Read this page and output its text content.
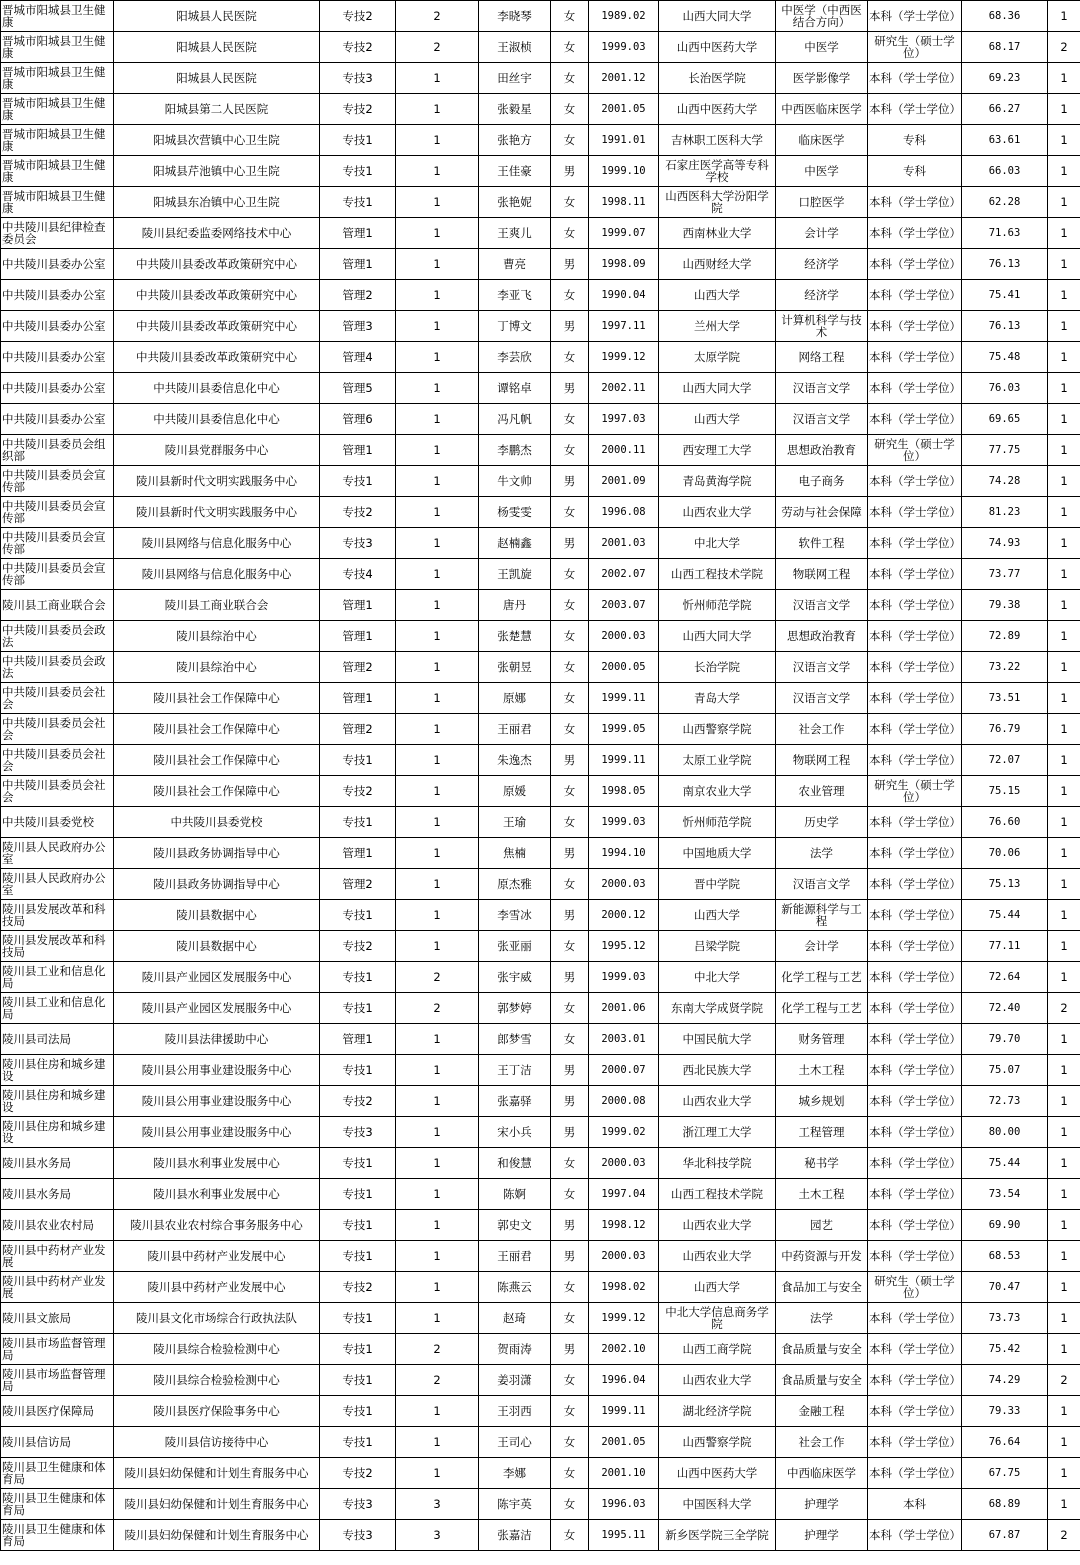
晋城市阳城县卫生健康	阳城县人民医院	专技2	2	李晓琴	女	1989.02	山西大同大学	中医学（中西医结合方向）	本科（学士学位）	68.36	1
晋城市阳城县卫生健康	阳城县人民医院	专技2	2	王淑桢	女	1999.03	山西中医药大学	中医学	研究生（硕士学位）	68.17	2
晋城市阳城县卫生健康	阳城县人民医院	专技3	1	田丝宇	女	2001.12	长治医学院	医学影像学	本科（学士学位）	69.23	1
晋城市阳城县卫生健康	阳城县第二人民医院	专技2	1	张毅星	女	2001.05	山西中医药大学	中西医临床医学	本科（学士学位）	66.27	1
晋城市阳城县卫生健康	阳城县次营镇中心卫生院	专技1	1	张艳方	女	1991.01	吉林职工医科大学	临床医学	专科	63.61	1
晋城市阳城县卫生健康	阳城县芹池镇中心卫生院	专技1	1	王佳豪	男	1999.10	石家庄医学高等专科学校	中医学	专科	66.03	1
晋城市阳城县卫生健康	阳城县东冶镇中心卫生院	专技1	1	张艳妮	女	1998.11	山西医科大学汾阳学院	口腔医学	本科（学士学位）	62.28	1
中共陵川县纪律检查委员会	陵川县纪委监委网络技术中心	管理1	1	王爽儿	女	1999.07	西南林业大学	会计学	本科（学士学位）	71.63	1
中共陵川县委办公室	中共陵川县委改革政策研究中心	管理1	1	曹亮	男	1998.09	山西财经大学	经济学	本科（学士学位）	76.13	1
中共陵川县委办公室	中共陵川县委改革政策研究中心	管理2	1	李亚飞	女	1990.04	山西大学	经济学	本科（学士学位）	75.41	1
中共陵川县委办公室	中共陵川县委改革政策研究中心	管理3	1	丁博文	男	1997.11	兰州大学	计算机科学与技术	本科（学士学位）	76.13	1
中共陵川县委办公室	中共陵川县委改革政策研究中心	管理4	1	李芸欣	女	1999.12	太原学院	网络工程	本科（学士学位）	75.48	1
中共陵川县委办公室	中共陵川县委信息化中心	管理5	1	谭铭卓	男	2002.11	山西大同大学	汉语言文学	本科（学士学位）	76.03	1
中共陵川县委办公室	中共陵川县委信息化中心	管理6	1	冯凡帆	女	1997.03	山西大学	汉语言文学	本科（学士学位）	69.65	1
中共陵川县委员会组织部	陵川县党群服务中心	管理1	1	李鹏杰	女	2000.11	西安理工大学	思想政治教育	研究生（硕士学位）	77.75	1
中共陵川县委员会宣传部	陵川县新时代文明实践服务中心	专技1	1	牛文帅	男	2001.09	青岛黄海学院	电子商务	本科（学士学位）	74.28	1
中共陵川县委员会宣传部	陵川县新时代文明实践服务中心	专技2	1	杨雯雯	女	1996.08	山西农业大学	劳动与社会保障	本科（学士学位）	81.23	1
中共陵川县委员会宣传部	陵川县网络与信息化服务中心	专技3	1	赵楠鑫	男	2001.03	中北大学	软件工程	本科（学士学位）	74.93	1
中共陵川县委员会宣传部	陵川县网络与信息化服务中心	专技4	1	王凯旋	女	2002.07	山西工程技术学院	物联网工程	本科（学士学位）	73.77	1
陵川县工商业联合会	陵川县工商业联合会	管理1	1	唐丹	女	2003.07	忻州师范学院	汉语言文学	本科（学士学位）	79.38	1
中共陵川县委员会政法	陵川县综治中心	管理1	1	张楚慧	女	2000.03	山西大同大学	思想政治教育	本科（学士学位）	72.89	1
中共陵川县委员会政法	陵川县综治中心	管理2	1	张朝昱	女	2000.05	长治学院	汉语言文学	本科（学士学位）	73.22	1
中共陵川县委员会社会	陵川县社会工作保障中心	管理1	1	原娜	女	1999.11	青岛大学	汉语言文学	本科（学士学位）	73.51	1
中共陵川县委员会社会	陵川县社会工作保障中心	管理2	1	王丽君	女	1999.05	山西警察学院	社会工作	本科（学士学位）	76.79	1
中共陵川县委员会社会	陵川县社会工作保障中心	专技1	1	朱逸杰	男	1999.11	太原工业学院	物联网工程	本科（学士学位）	72.07	1
中共陵川县委员会社会	陵川县社会工作保障中心	专技2	1	原媛	女	1998.05	南京农业大学	农业管理	研究生（硕士学位）	75.15	1
中共陵川县委党校	中共陵川县委党校	专技1	1	王瑜	女	1999.03	忻州师范学院	历史学	本科（学士学位）	76.60	1
陵川县人民政府办公室	陵川县政务协调指导中心	管理1	1	焦楠	男	1994.10	中国地质大学	法学	本科（学士学位）	70.06	1
陵川县人民政府办公室	陵川县政务协调指导中心	管理2	1	原杰雅	女	2000.03	晋中学院	汉语言文学	本科（学士学位）	75.13	1
陵川县发展改革和科技局	陵川县数据中心	专技1	1	李雪冰	男	2000.12	山西大学	新能源科学与工程	本科（学士学位）	75.44	1
陵川县发展改革和科技局	陵川县数据中心	专技2	1	张亚丽	女	1995.12	吕梁学院	会计学	本科（学士学位）	77.11	1
陵川县工业和信息化局	陵川县产业园区发展服务中心	专技1	2	张宇威	男	1999.03	中北大学	化学工程与工艺	本科（学士学位）	72.64	1
陵川县工业和信息化局	陵川县产业园区发展服务中心	专技1	2	郭梦婷	女	2001.06	东南大学成贤学院	化学工程与工艺	本科（学士学位）	72.40	2
陵川县司法局	陵川县法律援助中心	管理1	1	郎梦雪	女	2003.01	中国民航大学	财务管理	本科（学士学位）	79.70	1
陵川县住房和城乡建设	陵川县公用事业建设服务中心	专技1	1	王丁洁	男	2000.07	西北民族大学	土木工程	本科（学士学位）	75.07	1
陵川县住房和城乡建设	陵川县公用事业建设服务中心	专技2	1	张嘉驿	男	2000.08	山西农业大学	城乡规划	本科（学士学位）	72.73	1
陵川县住房和城乡建设	陵川县公用事业建设服务中心	专技3	1	宋小兵	男	1999.02	浙江理工大学	工程管理	本科（学士学位）	80.00	1
陵川县水务局	陵川县水利事业发展中心	专技1	1	和俊慧	女	2000.03	华北科技学院	秘书学	本科（学士学位）	75.44	1
陵川县水务局	陵川县水利事业发展中心	专技1	1	陈婀	女	1997.04	山西工程技术学院	土木工程	本科（学士学位）	73.54	1
陵川县农业农村局	陵川县农业农村综合事务服务中心	专技1	1	郭史文	男	1998.12	山西农业大学	园艺	本科（学士学位）	69.90	1
陵川县中药材产业发展	陵川县中药材产业发展中心	专技1	1	王丽君	男	2000.03	山西农业大学	中药资源与开发	本科（学士学位）	68.53	1
陵川县中药材产业发展	陵川县中药材产业发展中心	专技2	1	陈燕云	女	1998.02	山西大学	食品加工与安全	研究生（硕士学位）	70.47	1
陵川县文旅局	陵川县文化市场综合行政执法队	专技1	1	赵琦	女	1999.12	中北大学信息商务学院	法学	本科（学士学位）	73.73	1
陵川县市场监督管理局	陵川县综合检验检测中心	专技1	2	贺雨涛	男	2002.10	山西工商学院	食品质量与安全	本科（学士学位）	75.42	1
陵川县市场监督管理局	陵川县综合检验检测中心	专技1	2	姜羽潇	女	1996.04	山西农业大学	食品质量与安全	本科（学士学位）	74.29	2
陵川县医疗保障局	陵川县医疗保险事务中心	专技1	1	王羽西	女	1999.11	湖北经济学院	金融工程	本科（学士学位）	79.33	1
陵川县信访局	陵川县信访接待中心	专技1	1	王司心	女	2001.05	山西警察学院	社会工作	本科（学士学位）	76.64	1
陵川县卫生健康和体育局	陵川县妇幼保健和计划生育服务中心	专技2	1	李娜	女	2001.10	山西中医药大学	中西临床医学	本科（学士学位）	67.75	1
陵川县卫生健康和体育局	陵川县妇幼保健和计划生育服务中心	专技3	3	陈宇英	女	1996.03	中国医科大学	护理学	本科	68.89	1
陵川县卫生健康和体育局	陵川县妇幼保健和计划生育服务中心	专技3	3	张嘉洁	女	1995.11	新乡医学院三全学院	护理学	本科（学士学位）	67.87	2
